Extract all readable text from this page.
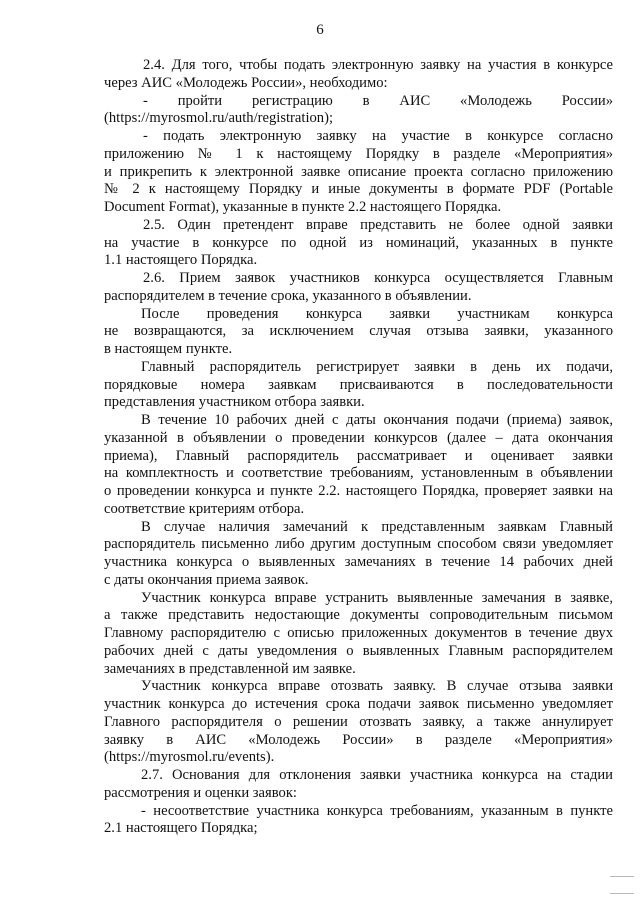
6
2.4. Для того, чтобы подать электронную заявку на участия в конкурсе
через АИС «Молодежь России», необходимо:
- пройти регистрацию в АИС «Молодежь России»
(https://myrosmol.ru/auth/registration);
- подать электронную заявку на участие в конкурсе согласно
приложению № 1 к настоящему Порядку в разделе «Мероприятия»
и прикрепить к электронной заявке описание проекта согласно приложению
№ 2 к настоящему Порядку и иные документы в формате PDF (Portable
Document Format), указанные в пункте 2.2 настоящего Порядка.
2.5. Один претендент вправе представить не более одной заявки
на участие в конкурсе по одной из номинаций, указанных в пункте
1.1 настоящего Порядка.
2.6. Прием заявок участников конкурса осуществляется Главным
распорядителем в течение срока, указанного в объявлении.
После проведения конкурса заявки участникам конкурса
не возвращаются, за исключением случая отзыва заявки, указанного
в настоящем пункте.
Главный распорядитель регистрирует заявки в день их подачи,
порядковые номера заявкам присваиваются в последовательности
представления участником отбора заявки.
В течение 10 рабочих дней с даты окончания подачи (приема) заявок,
указанной в объявлении о проведении конкурсов (далее – дата окончания
приема), Главный распорядитель рассматривает и оценивает заявки
на комплектность и соответствие требованиям, установленным в объявлении
о проведении конкурса и пункте 2.2. настоящего Порядка, проверяет заявки на
соответствие критериям отбора.
В случае наличия замечаний к представленным заявкам Главный
распорядитель письменно либо другим доступным способом связи уведомляет
участника конкурса о выявленных замечаниях в течение 14 рабочих дней
с даты окончания приема заявок.
Участник конкурса вправе устранить выявленные замечания в заявке,
а также представить недостающие документы сопроводительным письмом
Главному распорядителю с описью приложенных документов в течение двух
рабочих дней с даты уведомления о выявленных Главным распорядителем
замечаниях в представленной им заявке.
Участник конкурса вправе отозвать заявку. В случае отзыва заявки
участник конкурса до истечения срока подачи заявок письменно уведомляет
Главного распорядителя о решении отозвать заявку, а также аннулирует
заявку в АИС «Молодежь России» в разделе «Мероприятия»
(https://myrosmol.ru/events).
2.7. Основания для отклонения заявки участника конкурса на стадии
рассмотрения и оценки заявок:
- несоответствие участника конкурса требованиям, указанным в пункте
2.1 настоящего Порядка;
